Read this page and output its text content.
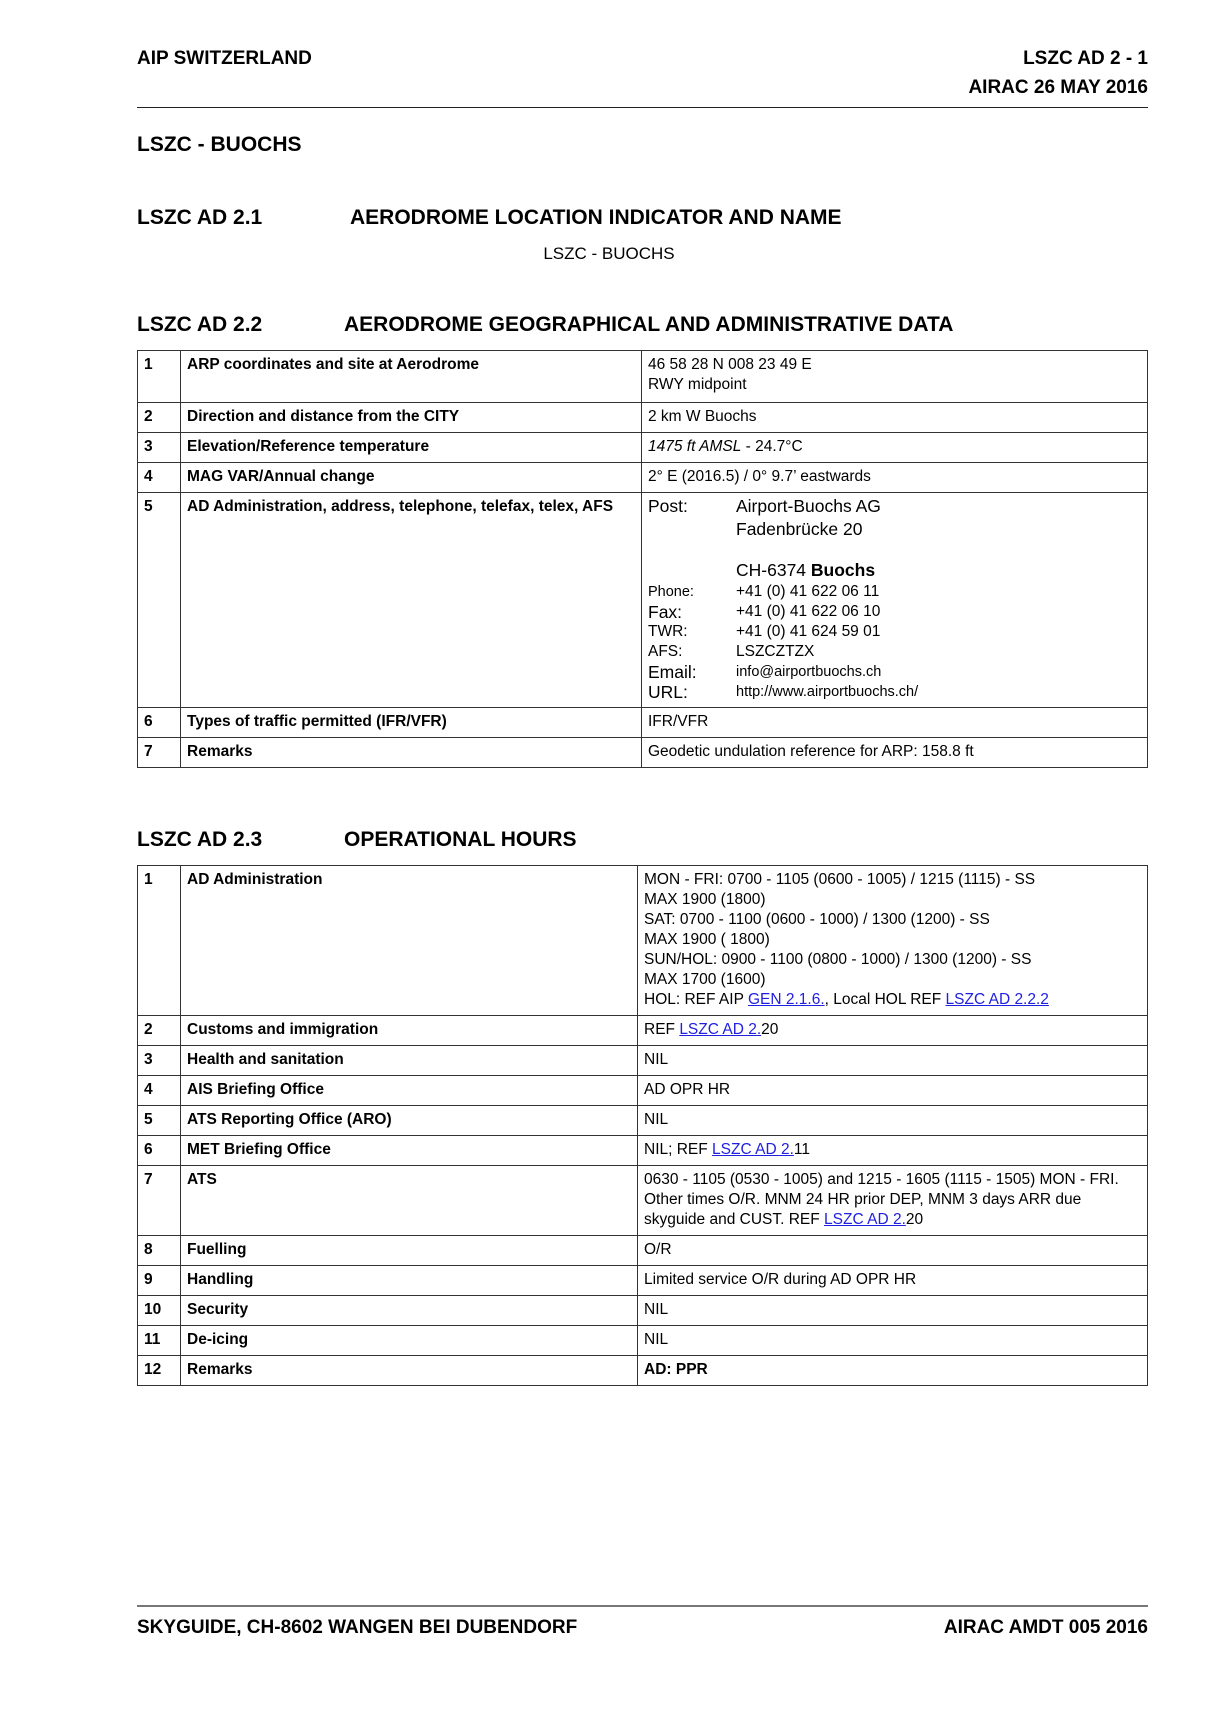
AIP SWITZERLAND	LSZC AD 2 - 1
AIRAC 26 MAY 2016
LSZC - BUOCHS
LSZC AD 2.1	AERODROME LOCATION INDICATOR AND NAME
LSZC - BUOCHS
LSZC AD 2.2	AERODROME GEOGRAPHICAL AND ADMINISTRATIVE DATA
1	ARP coordinates and site at Aerodrome	46 58 28 N 008 23 49 E
RWY midpoint

2	Direction and distance from the CITY	2 km W Buochs
3	Elevation/Reference temperature	1475 ft AMSL - 24.7°C
4	MAG VAR/Annual change	2° E (2016.5) / 0° 9.7’ eastwards
5	AD Administration, address, telephone, telefax, telex, AFS	Post:	Airport-Buochs AG
Fadenbrücke 20
CH-6374 Buochs
Phone:	+41 (0) 41 622 06 11
Fax:	+41 (0) 41 622 06 10
TWR:	+41 (0) 41 624 59 01
AFS:	LSZCZTZX
Email:	info@airportbuochs.ch
URL:	http://www.airportbuochs.ch/

6	Types of traffic permitted (IFR/VFR)	IFR/VFR
7	Remarks	Geodetic undulation reference for ARP: 158.8 ft
LSZC AD 2.3	OPERATIONAL HOURS
1	AD Administration	MON - FRI: 0700 - 1105 (0600 - 1005) / 1215 (1115) - SS
MAX 1900 (1800)
SAT: 0700 - 1100 (0600 - 1000) / 1300 (1200) - SS
MAX 1900 ( 1800)
SUN/HOL: 0900 - 1100 (0800 - 1000) / 1300 (1200) - SS
MAX 1700 (1600)
HOL: REF AIP GEN 2.1.6., Local HOL REF LSZC AD 2.2.2

2	Customs and immigration	REF LSZC AD 2.20
3	Health and sanitation	NIL
4	AIS Briefing Office	AD OPR HR
5	ATS Reporting Office (ARO)	NIL
6	MET Briefing Office	NIL; REF LSZC AD 2.11
7	ATS	0630 - 1105 (0530 - 1005) and 1215 - 1605 (1115 - 1505) MON - FRI.
Other times O/R. MNM 24 HR prior DEP, MNM 3 days ARR due
skyguide and CUST. REF LSZC AD 2.20

8	Fuelling	O/R
9	Handling	Limited service O/R during AD OPR HR
10	Security	NIL
11	De-icing	NIL
12	Remarks	AD: PPR
SKYGUIDE, CH-8602 WANGEN BEI DUBENDORF	AIRAC AMDT 005 2016
